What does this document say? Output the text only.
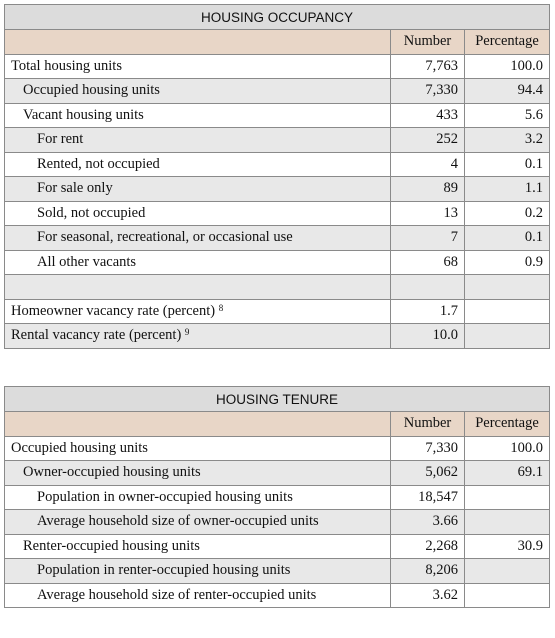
HOUSING OCCUPANCY		
	Number	Percentage
Total housing units	7,763	100.0
Occupied housing units	7,330	94.4
Vacant housing units	433	5.6
For rent	252	3.2
Rented, not occupied	4	0.1
For sale only	89	1.1
Sold, not occupied	13	0.2
For seasonal, recreational, or occasional use	7	0.1
All other vacants	68	0.9

Homeowner vacancy rate (percent) $^8$	1.7	
Rental vacancy rate (percent) $^9$	10.0	
HOUSING TENURE		
	Number	Percentage
Occupied housing units	7,330	100.0
Owner-occupied housing units	5,062	69.1
Population in owner-occupied housing units	18,547	
Average household size of owner-occupied units	3.66	
Renter-occupied housing units	2,268	30.9
Population in renter-occupied housing units	8,206	
Average household size of renter-occupied units	3.62	
